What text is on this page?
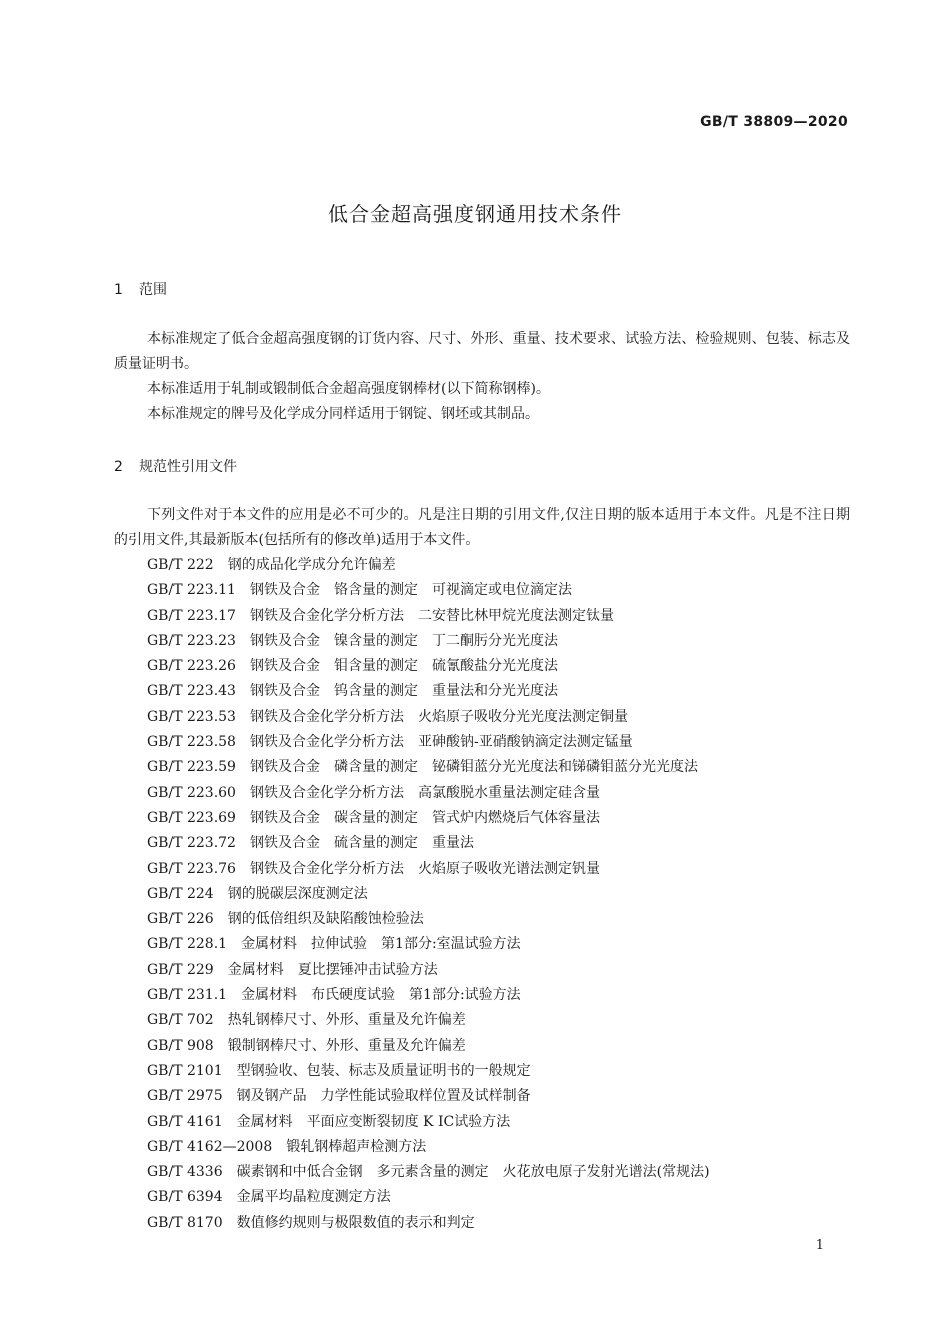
GB/T 38809—2020
低合金超高强度钢通用技术条件
1 范围
本标准规定了低合金超高强度钢的订货内容、尺寸、外形、重量、技术要求、试验方法、检验规则、包装、标志及质量证明书。
本标准适用于轧制或锻制低合金超高强度钢棒材(以下简称钢棒)。
本标准规定的牌号及化学成分同样适用于钢锭、钢坯或其制品。
2 规范性引用文件
下列文件对于本文件的应用是必不可少的。凡是注日期的引用文件,仅注日期的版本适用于本文件。凡是不注日期的引用文件,其最新版本(包括所有的修改单)适用于本文件。
GB/T 222 钢的成品化学成分允许偏差
GB/T 223.11 钢铁及合金　铬含量的测定　可视滴定或电位滴定法
GB/T 223.17 钢铁及合金化学分析方法　二安替比林甲烷光度法测定钛量
GB/T 223.23 钢铁及合金　镍含量的测定　丁二酮肟分光光度法
GB/T 223.26 钢铁及合金　钼含量的测定　硫氰酸盐分光光度法
GB/T 223.43 钢铁及合金　钨含量的测定　重量法和分光光度法
GB/T 223.53 钢铁及合金化学分析方法　火焰原子吸收分光光度法测定铜量
GB/T 223.58 钢铁及合金化学分析方法　亚砷酸钠-亚硝酸钠滴定法测定锰量
GB/T 223.59 钢铁及合金　磷含量的测定　铋磷钼蓝分光光度法和锑磷钼蓝分光光度法
GB/T 223.60 钢铁及合金化学分析方法　高氯酸脱水重量法测定硅含量
GB/T 223.69 钢铁及合金　碳含量的测定　管式炉内燃烧后气体容量法
GB/T 223.72 钢铁及合金　硫含量的测定　重量法
GB/T 223.76 钢铁及合金化学分析方法　火焰原子吸收光谱法测定钒量
GB/T 224 钢的脱碳层深度测定法
GB/T 226 钢的低倍组织及缺陷酸蚀检验法
GB/T 228.1 金属材料　拉伸试验　第1部分:室温试验方法
GB/T 229 金属材料　夏比摆锤冲击试验方法
GB/T 231.1 金属材料　布氏硬度试验　第1部分:试验方法
GB/T 702 热轧钢棒尺寸、外形、重量及允许偏差
GB/T 908 锻制钢棒尺寸、外形、重量及允许偏差
GB/T 2101 型钢验收、包装、标志及质量证明书的一般规定
GB/T 2975 钢及钢产品　力学性能试验取样位置及试样制备
GB/T 4161 金属材料　平面应变断裂韧度 K IC试验方法
GB/T 4162—2008 锻轧钢棒超声检测方法
GB/T 4336 碳素钢和中低合金钢　多元素含量的测定　火花放电原子发射光谱法(常规法)
GB/T 6394 金属平均晶粒度测定方法
GB/T 8170 数值修约规则与极限数值的表示和判定
1
